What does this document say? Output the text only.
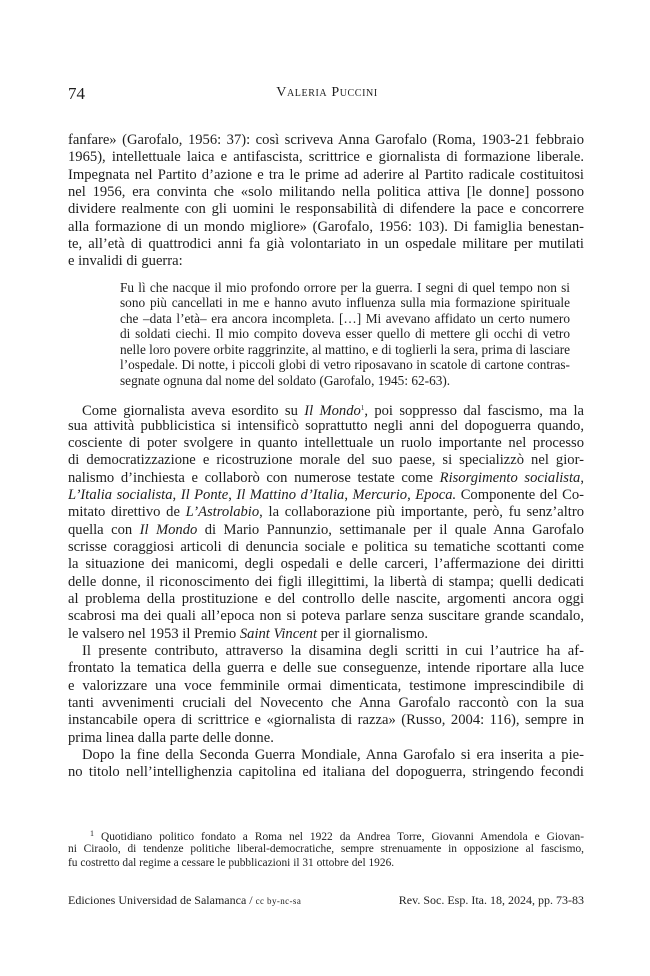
74	Valeria Puccini
fanfare» (Garofalo, 1956: 37): così scriveva Anna Garofalo (Roma, 1903-21 febbraio
1965), intellettuale laica e antifascista, scrittrice e giornalista di formazione liberale.
Impegnata nel Partito d’azione e tra le prime ad aderire al Partito radicale costituitosi
nel 1956, era convinta che «solo militando nella politica attiva [le donne] possono
dividere realmente con gli uomini le responsabilità di difendere la pace e concorrere
alla formazione di un mondo migliore» (Garofalo, 1956: 103). Di famiglia benestan-
te, all’età di quattrodici anni fa già volontariato in un ospedale militare per mutilati
e invalidi di guerra:
Fu lì che nacque il mio profondo orrore per la guerra. I segni di quel tempo non si
sono più cancellati in me e hanno avuto influenza sulla mia formazione spirituale
che –data l’età– era ancora incompleta. […] Mi avevano affidato un certo numero
di soldati ciechi. Il mio compito doveva esser quello di mettere gli occhi di vetro
nelle loro povere orbite raggrinzite, al mattino, e di toglierli la sera, prima di lasciare
l’ospedale. Di notte, i piccoli globi di vetro riposavano in scatole di cartone contras-
segnate ognuna dal nome del soldato (Garofalo, 1945: 62-63).
Come giornalista aveva esordito su Il Mondo$^1$, poi soppresso dal fascismo, ma la
sua attività pubblicistica si intensificò soprattutto negli anni del dopoguerra quando,
cosciente di poter svolgere in quanto intellettuale un ruolo importante nel processo
di democratizzazione e ricostruzione morale del suo paese, si specializzò nel gior-
nalismo d’inchiesta e collaborò con numerose testate come Risorgimento socialista,
L’Italia socialista, Il Ponte, Il Mattino d’Italia, Mercurio, Epoca. Componente del Co-
mitato direttivo de L’Astrolabio, la collaborazione più importante, però, fu senz’altro
quella con Il Mondo di Mario Pannunzio, settimanale per il quale Anna Garofalo
scrisse coraggiosi articoli di denuncia sociale e politica su tematiche scottanti come
la situazione dei manicomi, degli ospedali e delle carceri, l’affermazione dei diritti
delle donne, il riconoscimento dei figli illegittimi, la libertà di stampa; quelli dedicati
al problema della prostituzione e del controllo delle nascite, argomenti ancora oggi
scabrosi ma dei quali all’epoca non si poteva parlare senza suscitare grande scandalo,
le valsero nel 1953 il Premio Saint Vincent per il giornalismo.
Il presente contributo, attraverso la disamina degli scritti in cui l’autrice ha af-
frontato la tematica della guerra e delle sue conseguenze, intende riportare alla luce
e valorizzare una voce femminile ormai dimenticata, testimone imprescindibile di
tanti avvenimenti cruciali del Novecento che Anna Garofalo raccontò con la sua
instancabile opera di scrittrice e «giornalista di razza» (Russo, 2004: 116), sempre in
prima linea dalla parte delle donne.
Dopo la fine della Seconda Guerra Mondiale, Anna Garofalo si era inserita a pie-
no titolo nell’intellighenzia capitolina ed italiana del dopoguerra, stringendo fecondi
$^1$ Quotidiano politico fondato a Roma nel 1922 da Andrea Torre, Giovanni Amendola e Giovan-
ni Ciraolo, di tendenze politiche liberal-democratiche, sempre strenuamente in opposizione al fascismo,
fu costretto dal regime a cessare le pubblicazioni il 31 ottobre del 1926.
Ediciones Universidad de Salamanca / cc by-nc-sa	Rev. Soc. Esp. Ita. 18, 2024, pp. 73-83
